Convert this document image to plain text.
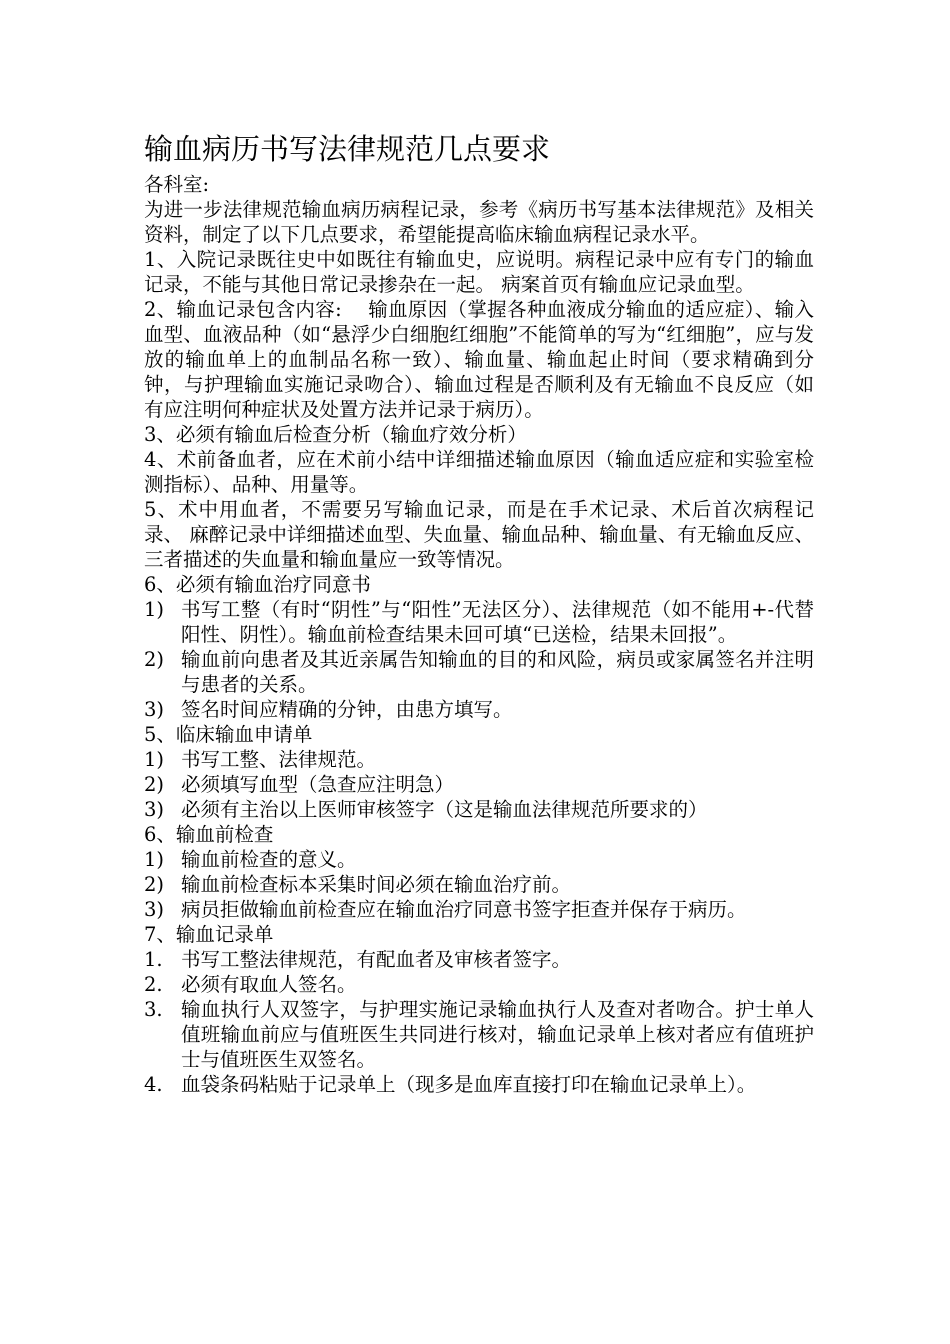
输血病历书写法律规范几点要求

各科室:

为进一步法律规范输血病历病程记录，参考《病历书写基本法律规范》及相关资料，制定了以下几点要求，希望能提高临床输血病程记录水平。

1、入院记录既往史中如既往有输血史，应说明。病程记录中应有专门的输血记录，不能与其他日常记录掺杂在一起。 病案首页有输血应记录血型。

2、输血记录包含内容:　 输血原因（掌握各种血液成分输血的适应症）、输入血型、血液品种（如“悬浮少白细胞红细胞”不能简单的写为“红细胞”，应与发放的输血单上的血制品名称一致）、输血量、输血起止时间（要求精确到分钟，与护理输血实施记录吻合）、输血过程是否顺利及有无输血不良反应（如有应注明何种症状及处置方法并记录于病历）。

3、必须有输血后检查分析（输血疗效分析）

4、术前备血者，应在术前小结中详细描述输血原因（输血适应症和实验室检测指标）、品种、用量等。

5、术中用血者，不需要另写输血记录，而是在手术记录、术后首次病程记录、 麻醉记录中详细描述血型、失血量、输血品种、输血量、有无输血反应、三者描述的失血量和输血量应一致等情况。

6、必须有输血治疗同意书

1) 书写工整（有时“阴性”与“阳性”无法区分）、法律规范（如不能用+-代替阳性、阴性）。输血前检查结果未回可填“已送检，结果未回报”。
2) 输血前向患者及其近亲属告知输血的目的和风险，病员或家属签名并注明与患者的关系。
3) 签名时间应精确的分钟，由患方填写。

5、临床输血申请单

1) 书写工整、法律规范。
2) 必须填写血型（急查应注明急）
3) 必须有主治以上医师审核签字（这是输血法律规范所要求的）

6、输血前检查

1) 输血前检查的意义。
2) 输血前检查标本采集时间必须在输血治疗前。
3) 病员拒做输血前检查应在输血治疗同意书签字拒查并保存于病历。

7、输血记录单

1. 书写工整法律规范，有配血者及审核者签字。
2. 必须有取血人签名。
3. 输血执行人双签字，与护理实施记录输血执行人及查对者吻合。护士单人值班输血前应与值班医生共同进行核对，输血记录单上核对者应有值班护士与值班医生双签名。
4. 血袋条码粘贴于记录单上（现多是血库直接打印在输血记录单上）。
